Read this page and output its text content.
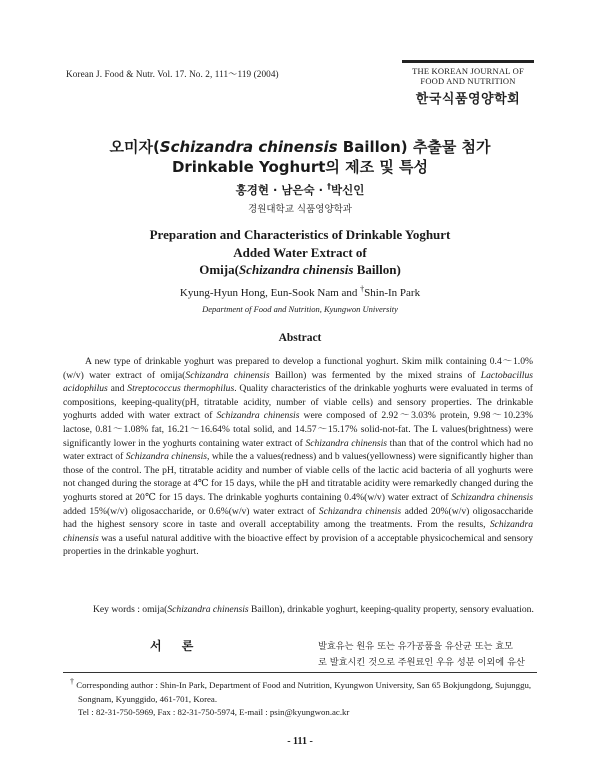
Korean J. Food & Nutr. Vol. 17. No. 2, 111～119 (2004)	THE KOREAN JOURNAL OF
FOOD AND NUTRITION
한국식품영양학회
오미자(Schizandra chinensis Baillon) 추출물 첨가
Drinkable Yoghurt의 제조 및 특성
홍경현 · 남은숙 · †박신인
경원대학교 식품영양학과
Preparation and Characteristics of Drinkable Yoghurt
Added Water Extract of
Omija(Schizandra chinensis Baillon)
Kyung-Hyun Hong, Eun-Sook Nam and †Shin-In Park
Department of Food and Nutrition, Kyungwon University
Abstract

A new type of drinkable yoghurt was prepared to develop a functional yoghurt. Skim milk containing 0.4～1.0%(w/v) water extract of omija(Schizandra chinensis Baillon) was fermented by the mixed strains of Lactobacillus acidophilus and Streptococcus thermophilus. Quality characteristics of the drinkable yoghurts were evaluated in terms of compositions, keeping-quality(pH, titratable acidity, number of viable cells) and sensory properties. The drinkable yoghurts added with water extract of Schizandra chinensis were composed of 2.92～3.03% protein, 9.98～10.23% lactose, 0.81～1.08% fat, 16.21～16.64% total solid, and 14.57～15.17% solid-not-fat. The L values(brightness) were significantly lower in the yoghurts containing water extract of Schizandra chinensis than that of the control which had no water extract of Schizandra chinensis, while the a values(redness) and b values(yellowness) were significantly higher than those of the control. The pH, titratable acidity and number of viable cells of the lactic acid bacteria of all yoghurts were not changed during the storage at 4℃ for 15 days, while the pH and titratable acidity were remarkedly changed during the yoghurts stored at 20℃ for 15 days. The drinkable yoghurts containing 0.4%(w/v) water extract of Schizandra chinensis added 15%(w/v) oligosaccharide, or 0.6%(w/v) water extract of Schizandra chinensis added 20%(w/v) oligosaccharide had the highest sensory score in taste and overall acceptability among the treatments. From the results, Schizandra chinensis was a useful natural additive with the bioactive effect by provision of a acceptable physicochemical and sensory properties in the drinkable yoghurt.

Key words : omija(Schizandra chinensis Baillon), drinkable yoghurt, keeping-quality property, sensory evaluation.
서 론	발효유는 원유 또는 유가공품을 유산균 또는 효모
로 발효시킨 것으로 주원료인 우유 성분 이외에 유산
† Corresponding author : Shin-In Park, Department of Food and Nutrition, Kyungwon University, San 65 Bokjungdong, Sujunggu, Songnam, Kyunggido, 461-701, Korea.
Tel : 82-31-750-5969, Fax : 82-31-750-5974, E-mail : psin@kyungwon.ac.kr
- 111 -
